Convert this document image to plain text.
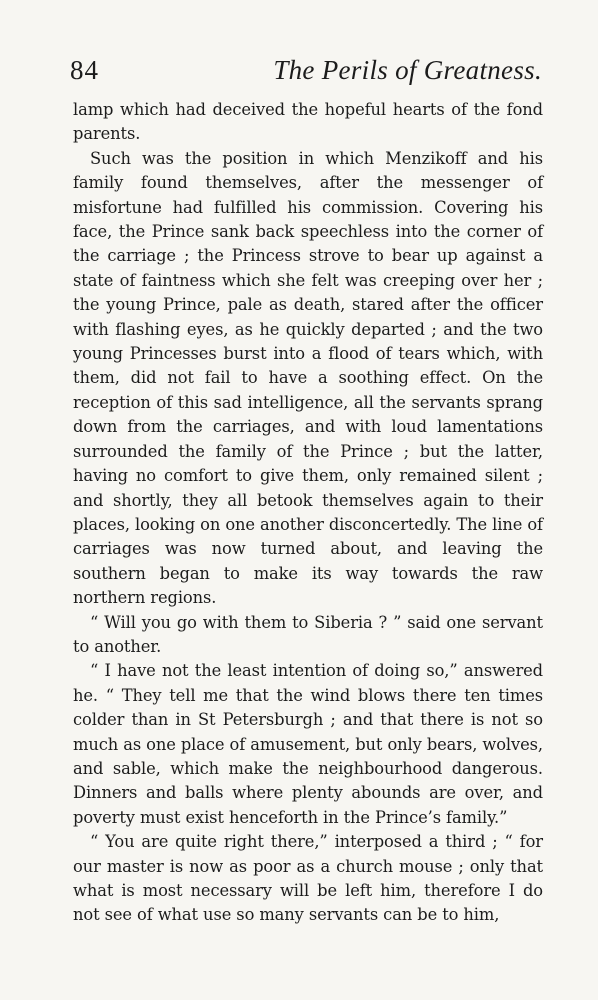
84	The Perils of Greatness.

lamp which had deceived the hopeful hearts of the fond parents.

Such was the position in which Menzikoff and his family found themselves, after the messenger of misfortune had fulfilled his commission. Covering his face, the Prince sank back speechless into the corner of the carriage ; the Princess strove to bear up against a state of faintness which she felt was creeping over her ; the young Prince, pale as death, stared after the officer with flashing eyes, as he quickly departed ; and the two young Princesses burst into a flood of tears which, with them, did not fail to have a soothing effect. On the reception of this sad intelligence, all the servants sprang down from the carriages, and with loud lamentations surrounded the family of the Prince ; but the latter, having no comfort to give them, only remained silent ; and shortly, they all betook themselves again to their places, looking on one another disconcertedly. The line of carriages was now turned about, and leaving the southern began to make its way towards the raw northern regions.

“ Will you go with them to Siberia ? ” said one servant to another.

“ I have not the least intention of doing so,” answered he. “ They tell me that the wind blows there ten times colder than in St Petersburgh ; and that there is not so much as one place of amusement, but only bears, wolves, and sable, which make the neighbourhood dangerous. Dinners and balls where plenty abounds are over, and poverty must exist henceforth in the Prince’s family.”

“ You are quite right there,” interposed a third ; “ for our master is now as poor as a church mouse ; only that what is most necessary will be left him, therefore I do not see of what use so many servants can be to him,
